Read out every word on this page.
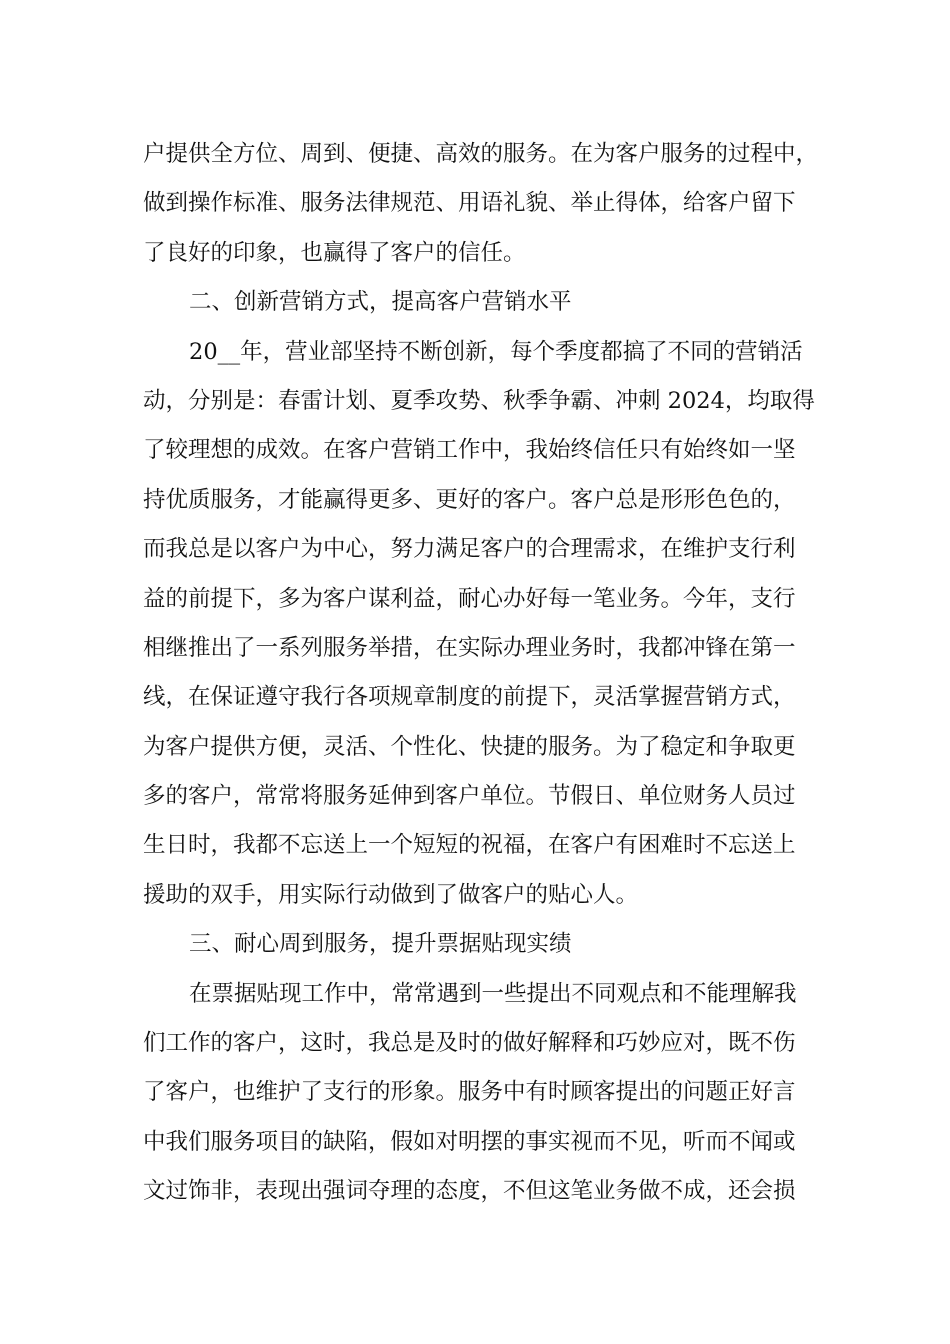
户提供全方位、周到、便捷、高效的服务。在为客户服务的过程中，
做到操作标准、服务法律规范、用语礼貌、举止得体，给客户留下
了良好的印象，也赢得了客户的信任。
二、创新营销方式，提高客户营销水平
20__年，营业部坚持不断创新，每个季度都搞了不同的营销活
动，分别是：春雷计划、夏季攻势、秋季争霸、冲刺 2024，均取得
了较理想的成效。在客户营销工作中，我始终信任只有始终如一坚
持优质服务，才能赢得更多、更好的客户。客户总是形形色色的，
而我总是以客户为中心，努力满足客户的合理需求，在维护支行利
益的前提下，多为客户谋利益，耐心办好每一笔业务。今年，支行
相继推出了一系列服务举措，在实际办理业务时，我都冲锋在第一
线，在保证遵守我行各项规章制度的前提下，灵活掌握营销方式，
为客户提供方便，灵活、个性化、快捷的服务。为了稳定和争取更
多的客户，常常将服务延伸到客户单位。节假日、单位财务人员过
生日时，我都不忘送上一个短短的祝福，在客户有困难时不忘送上
援助的双手，用实际行动做到了做客户的贴心人。
三、耐心周到服务，提升票据贴现实绩
在票据贴现工作中，常常遇到一些提出不同观点和不能理解我
们工作的客户，这时，我总是及时的做好解释和巧妙应对，既不伤
了客户，也维护了支行的形象。服务中有时顾客提出的问题正好言
中我们服务项目的缺陷，假如对明摆的事实视而不见，听而不闻或
文过饰非，表现出强词夺理的态度，不但这笔业务做不成，还会损
